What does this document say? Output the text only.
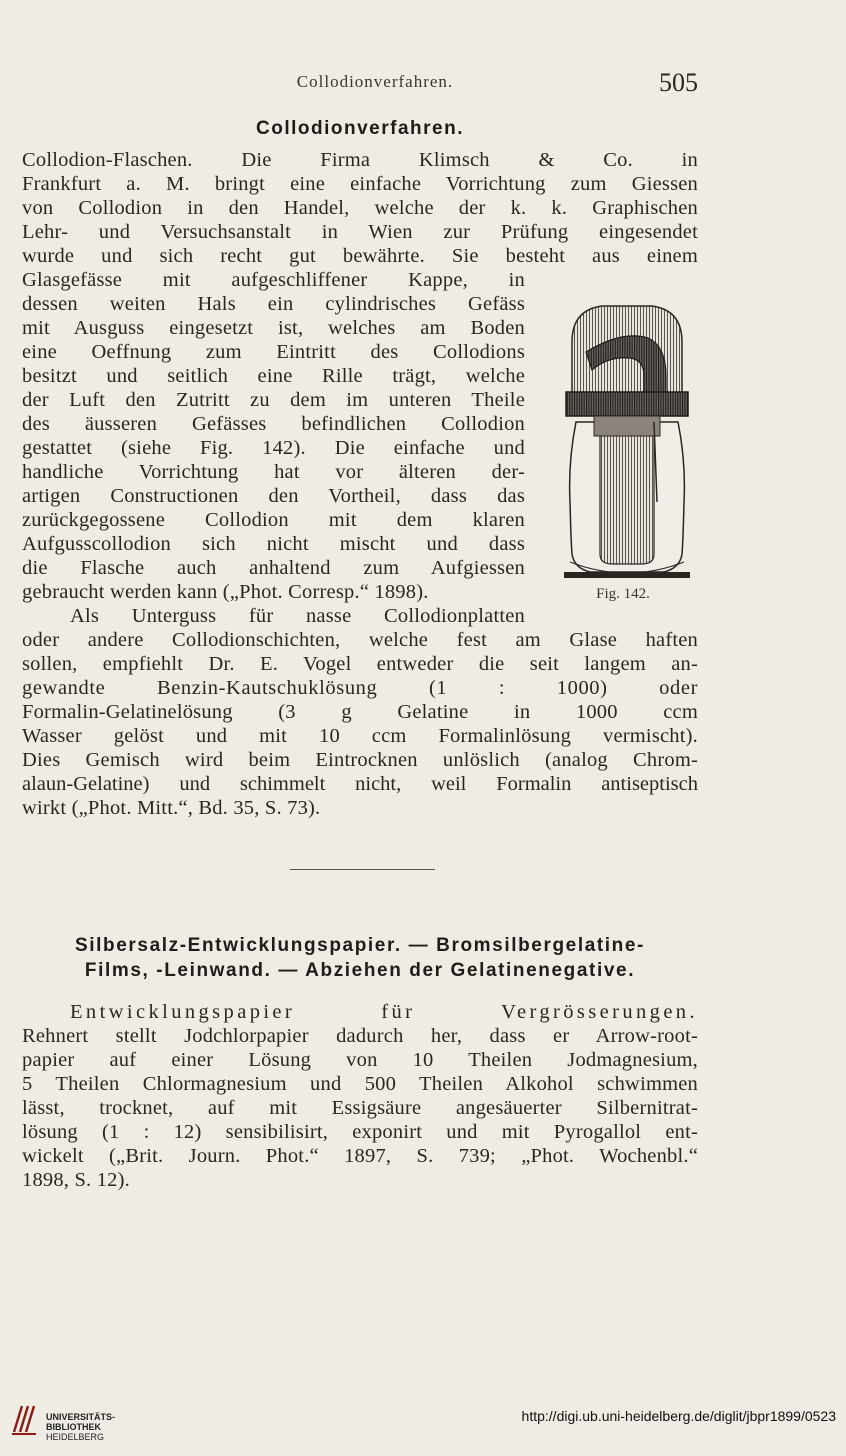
Collodionverfahren.	505
Collodionverfahren.
Collodion-Flaschen. Die Firma Klimsch & Co. in
Frankfurt a. M. bringt eine einfache Vorrichtung zum Giessen
von Collodion in den Handel, welche der k. k. Graphischen
Lehr- und Versuchsanstalt in Wien zur Prüfung eingesendet
wurde und sich recht gut bewährte. Sie besteht aus einem
Glasgefässe mit aufgeschliffener Kappe, in
dessen weiten Hals ein cylindrisches Gefäss
mit Ausguss eingesetzt ist, welches am Boden
eine Oeffnung zum Eintritt des Collodions
besitzt und seitlich eine Rille trägt, welche
der Luft den Zutritt zu dem im unteren Theile
des äusseren Gefässes befindlichen Collodion
gestattet (siehe Fig. 142). Die einfache und
handliche Vorrichtung hat vor älteren der-
artigen Constructionen den Vortheil, dass das
zurückgegossene Collodion mit dem klaren
Aufgusscollodion sich nicht mischt und dass
die Flasche auch anhaltend zum Aufgiessen
gebraucht werden kann („Phot. Corresp.“ 1898).
Als Unterguss für nasse Collodionplatten
oder andere Collodionschichten, welche fest am Glase haften
sollen, empfiehlt Dr. E. Vogel entweder die seit langem an-
gewandte Benzin-Kautschuklösung (1 : 1000) oder
Formalin-Gelatinelösung (3 g Gelatine in 1000 ccm
Wasser gelöst und mit 10 ccm Formalinlösung vermischt).
Dies Gemisch wird beim Eintrocknen unlöslich (analog Chrom-
alaun-Gelatine) und schimmelt nicht, weil Formalin antiseptisch
wirkt („Phot. Mitt.“, Bd. 35, S. 73).
Fig. 142.
Silbersalz-Entwicklungspapier. — Bromsilbergelatine-
Films, -Leinwand. — Abziehen der Gelatinenegative.
Entwicklungspapier für Vergrösserungen.
Rehnert stellt Jodchlorpapier dadurch her, dass er Arrow-root-
papier auf einer Lösung von 10 Theilen Jodmagnesium,
5 Theilen Chlormagnesium und 500 Theilen Alkohol schwimmen
lässt, trocknet, auf mit Essigsäure angesäuerter Silbernitrat-
lösung (1 : 12) sensibilisirt, exponirt und mit Pyrogallol ent-
wickelt („Brit. Journ. Phot.“ 1897, S. 739; „Phot. Wochenbl.“
1898, S. 12).
UNIVERSITÄTS-
BIBLIOTHEK
HEIDELBERG
http://digi.ub.uni-heidelberg.de/diglit/jbpr1899/0523
